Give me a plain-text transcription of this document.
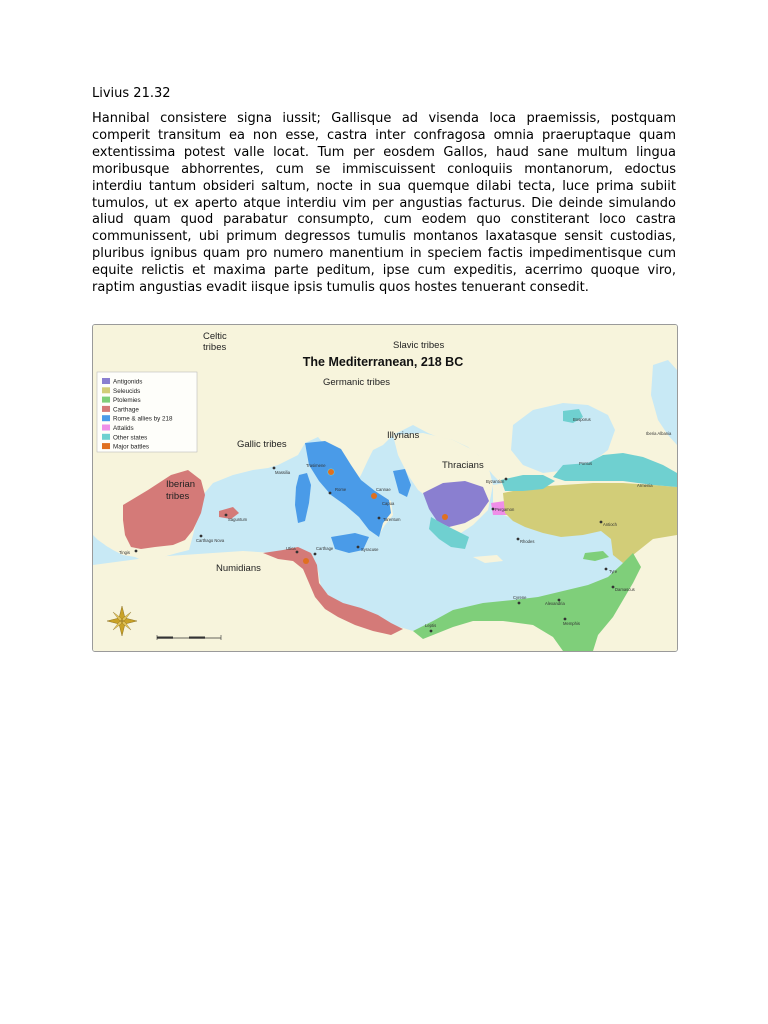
Livius 21.32

Hannibal consistere signa iussit; Gallisque ad visenda loca praemissis, postquam comperit transitum ea non esse, castra inter confragosa omnia praeruptaque quam extentissima potest valle locat. Tum per eosdem Gallos, haud sane multum lingua moribusque abhorrentes, cum se immiscuissent conloquiis montanorum, edoctus interdiu tantum obsideri saltum, nocte in sua quemque dilabi tecta, luce prima subiit tumulos, ut ex aperto atque interdiu vim per angustias facturus. Die deinde simulando aliud quam quod parabatur consumpto, cum eodem quo constiterant loco castra communissent, ubi primum degressos tumulis montanos laxatasque sensit custodias, pluribus ignibus quam pro numero manentium in speciem factis impedimentisque cum equite relictis et maxima parte peditum, ipse cum expeditis, acerrimo quoque viro, raptim angustias evadit iisque ipsis tumulis quos hostes tenuerant consedit.

The Mediterranean, 218 BC
Celtic
tribes	Slavic tribes
Germanic tribes
Gallic tribes
Illyrians
Thracians
Iberian
tribes
Numidians
Massilia
Saguntum
Carthago Nova
Tingis
Utica	Carthage
Rome
Syracuse
Capua
Tarentum
Trasimene
Cannae
Leptis
Cyrene
Alexandria
Memphis
Damascus
Tyre
Antioch
Rhodes
Pergamon
Byzantion
Pontus
Armenia
Iberia Albania
Bosporus
Antigonids
Seleucids
Ptolemies
Carthage
Rome & allies by 218
Attalids
Other states
Major battles
